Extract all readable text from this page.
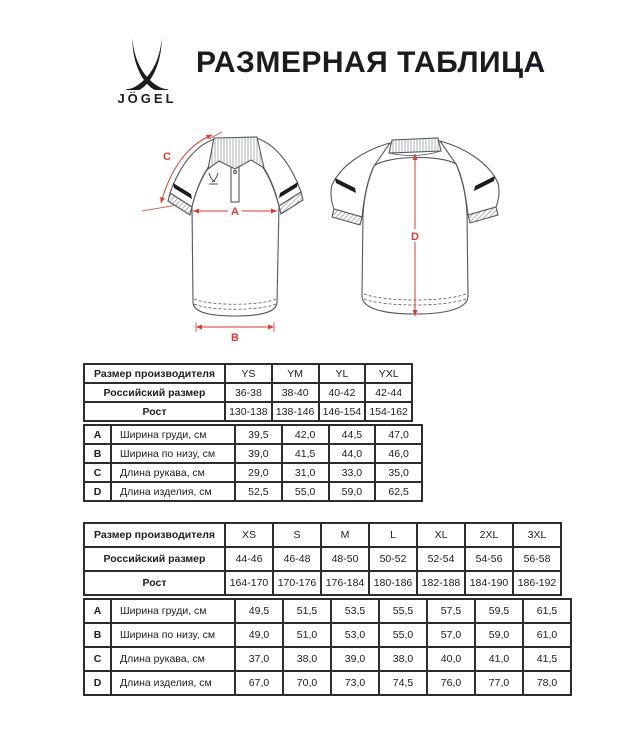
JÖGEL
РАЗМЕРНАЯ ТАБЛИЦА
A
B
C
D
Размер производителя	YS	YM	YL	YXL
Российский размер	36-38	38-40	40-42	42-44
Рост	130-138	138-146	146-154	154-162
A	Ширина груди, см	39,5	42,0	44,5	47,0
B	Ширина по низу, см	39,0	41,5	44,0	46,0
C	Длина рукава, см	29,0	31,0	33,0	35,0
D	Длина изделия, см	52,5	55,0	59,0	62,5
Размер производителя	XS	S	M	L	XL	2XL	3XL
Российский размер	44-46	46-48	48-50	50-52	52-54	54-56	56-58
Рост	164-170	170-176	176-184	180-186	182-188	184-190	186-192
A	Ширина груди, см	49,5	51,5	53,5	55,5	57,5	59,5	61,5
B	Ширина по низу, см	49,0	51,0	53,0	55,0	57,0	59,0	61,0
C	Длина рукава, см	37,0	38,0	39,0	38,0	40,0	41,0	41,5
D	Длина изделия, см	67,0	70,0	73,0	74,5	76,0	77,0	78,0
